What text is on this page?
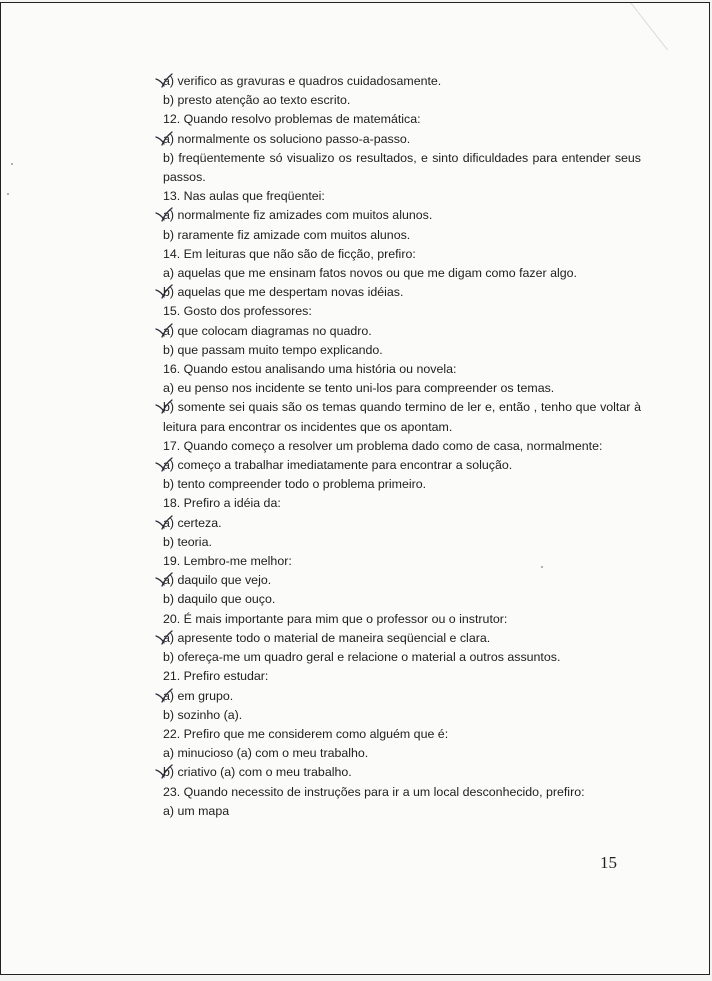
a) verifico as gravuras e quadros cuidadosamente.
b) presto atenção ao texto escrito.
12. Quando resolvo problemas de matemática:
a) normalmente os soluciono passo-a-passo.
b) freqüentemente só visualizo os resultados, e sinto dificuldades para entender seus passos.
13. Nas aulas que freqüentei:
a) normalmente fiz amizades com muitos alunos.
b) raramente fiz amizade com muitos alunos.
14. Em leituras que não são de ficção, prefiro:
a) aquelas que me ensinam fatos novos ou que me digam como fazer algo.
b) aquelas que me despertam novas idéias.
15. Gosto dos professores:
a) que colocam diagramas no quadro.
b) que passam muito tempo explicando.
16. Quando estou analisando uma história ou novela:
a) eu penso nos incidente se tento uni-los para compreender os temas.
b) somente sei quais são os temas quando termino de ler e, então , tenho que voltar à leitura para encontrar os incidentes que os apontam.
17. Quando começo a resolver um problema dado como de casa, normalmente:
a) começo a trabalhar imediatamente para encontrar a solução.
b) tento compreender todo o problema primeiro.
18. Prefiro a idéia da:
a) certeza.
b) teoria.
19. Lembro-me melhor:
a) daquilo que vejo.
b) daquilo que ouço.
20. É mais importante para mim que o professor ou o instrutor:
a) apresente todo o material de maneira seqüencial e clara.
b) ofereça-me um quadro geral e relacione o material a outros assuntos.
21. Prefiro estudar:
a) em grupo.
b) sozinho (a).
22. Prefiro que me considerem como alguém que é:
a) minucioso (a) com o meu trabalho.
b) criativo (a) com o meu trabalho.
23. Quando necessito de instruções para ir a um local desconhecido, prefiro:
a) um mapa
15
